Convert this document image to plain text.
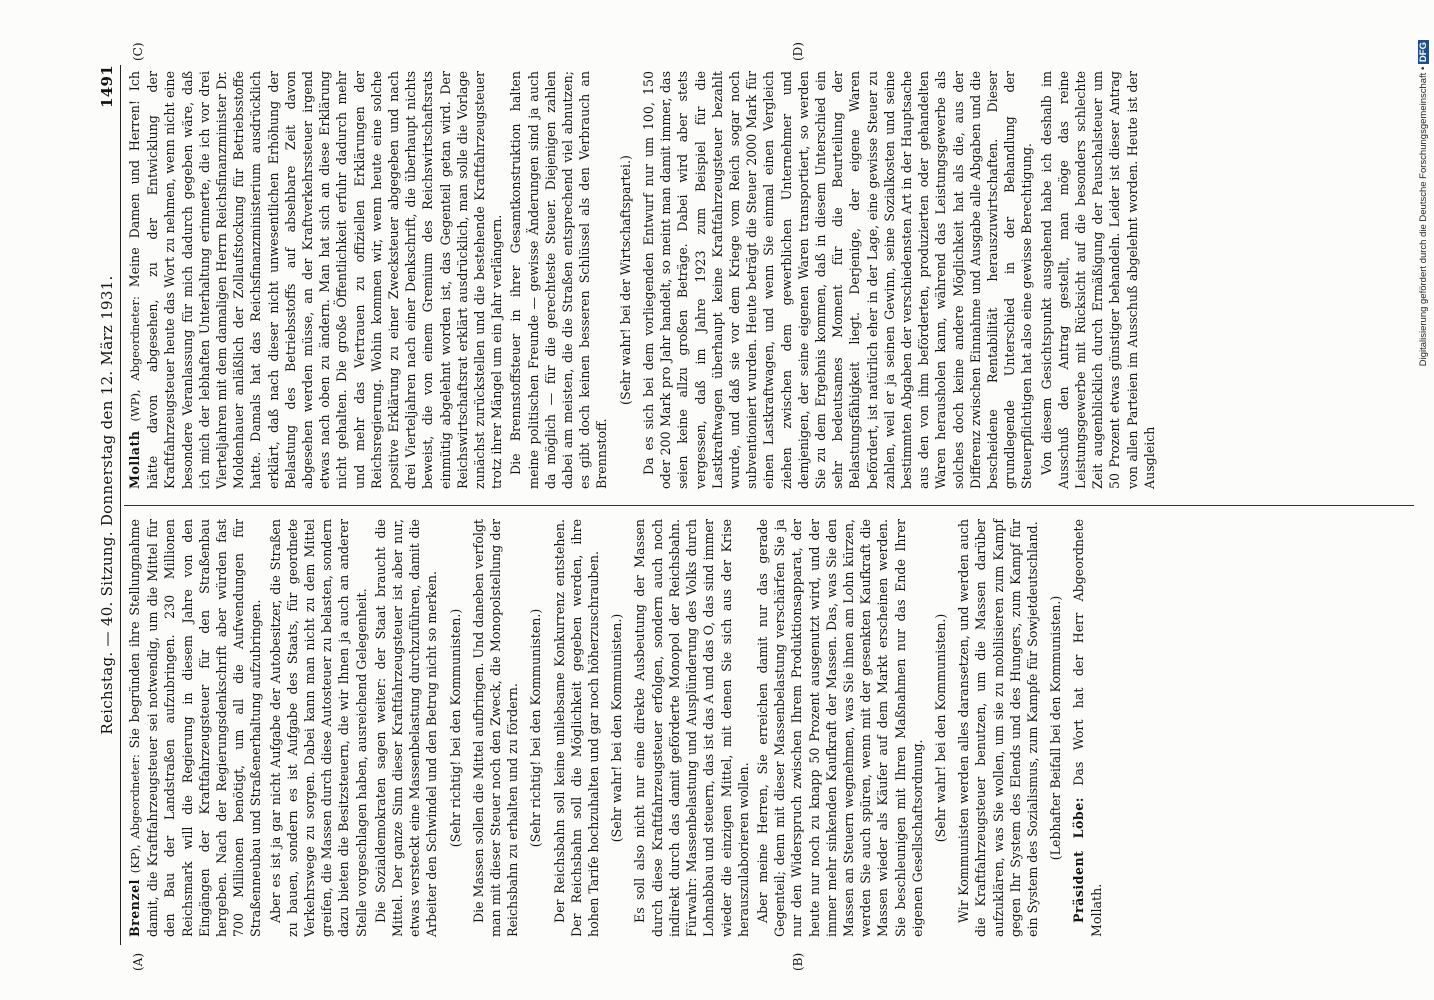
Reichstag. — 40. Sitzung. Donnerstag den 12. März 1931.
1491

Brenzel (KP), Abgeordneter: Sie begründen ihre Stellungnahme damit, die Kraftfahrzeugsteuer sei notwendig, um die Mittel für den Bau der Landstraßen aufzubringen. 230 Millionen Reichsmark will die Regierung in diesem Jahre von den Eingängen der Kraftfahrzeugsteuer für den Straßenbau hergeben. Nach der Regierungsdenkschrift aber würden fast 700 Millionen benötigt, um all die Aufwendungen für Straßenneubau und Straßenerhaltung aufzubringen. Aber es ist ja gar nicht Aufgabe der Autobesitzer, die Straßen zu bauen, sondern es ist Aufgabe des Staats, für geordnete Verkehrswege zu sorgen. Dabei kann man nicht zu dem Mittel greifen, die Massen durch diese Autosteuer zu belasten, sondern dazu bieten die Besitzsteuern, die wir Ihnen ja auch an anderer Stelle vorgeschlagen haben, ausreichend Gelegenheit. Die Sozialdemokraten sagen weiter: der Staat braucht die Mittel. Der ganze Sinn dieser Kraftfahrzeugsteuer ist aber nur, etwas versteckt eine Massenbelastung durchzuführen, damit die Arbeiter den Schwindel und den Betrug nicht so merken. (Sehr richtig! bei den Kommunisten.) Die Massen sollen die Mittel aufbringen. Und daneben verfolgt man mit dieser Steuer noch den Zweck, die Monopolstellung der Reichsbahn zu erhalten und zu fördern. (Sehr richtig! bei den Kommunisten.) Der Reichsbahn soll keine unliebsame Konkurrenz entstehen. Der Reichsbahn soll die Möglichkeit gegeben werden, ihre hohen Tarife hochzuhalten und gar noch höherzuschrauben. (Sehr wahr! bei den Kommunisten.) Es soll also nicht nur eine direkte Ausbeutung der Massen durch diese Kraftfahrzeugsteuer erfolgen, sondern auch noch indirekt durch das damit geförderte Monopol der Reichsbahn. Fürwahr: Massenbelastung und Ausplünderung des Volks durch Lohnabbau und steuern, das ist das A und das O, das sind immer wieder die einzigen Mittel, mit denen Sie sich aus der Krise herauszulaborieren wollen. Aber meine Herren, Sie erreichen damit nur das gerade Gegenteil; denn mit dieser Massenbelastung verschärfen Sie ja nur den Widerspruch zwischen Ihrem Produktionsapparat, der heute nur noch zu knapp 50 Prozent ausgenutzt wird, und der immer mehr sinkenden Kaufkraft der Massen. Das, was Sie den Massen an Steuern wegnehmen, was Sie ihnen am Lohn kürzen, werden Sie auch spüren, wenn mit der gesenkten Kaufkraft die Massen wieder als Käufer auf dem Markt erscheinen werden. Sie beschleunigen mit Ihren Maßnahmen nur das Ende Ihrer eigenen Gesellschaftsordnung. (Sehr wahr! bei den Kommunisten.) Wir Kommunisten werden alles daransetzen, und werden auch die Kraftfahrzeugsteuer benutzen, um die Massen darüber aufzuklären, was Sie wollen, um sie zu mobilisieren zum Kampf gegen Ihr System des Elends und des Hungers, zum Kampf für ein System des Sozialismus, zum Kampfe für Sowjetdeutschland. (Lebhafter Beifall bei den Kommunisten.) Präsident Löbe: Das Wort hat der Herr Abgeordnete Mollath.

Mollath (WP), Abgeordneter: Meine Damen und Herren! Ich hätte davon abgesehen, zu der Entwicklung der Kraftfahrzeugsteuer heute das Wort zu nehmen, wenn nicht eine besondere Veranlassung für mich dadurch gegeben wäre, daß ich mich der lebhaften Unterhaltung erinnerte, die ich vor drei Vierteljahren mit dem damaligen Herrn Reichsfinanzminister Dr. Moldenhauer anläßlich der Zollaufstockung für Betriebsstoffe hatte. Damals hat das Reichsfinanzministerium ausdrücklich erklärt, daß nach dieser nicht unwesentlichen Erhöhung der Belastung des Betriebsstoffs auf absehbare Zeit davon abgesehen werden müsse, an der Kraftverkehrssteuer irgend etwas nach oben zu ändern. Man hat sich an diese Erklärung nicht gehalten. Die große Öffentlichkeit erfuhr dadurch mehr und mehr das Vertrauen zu offiziellen Erklärungen der Reichsregierung. Wohin kommen wir, wenn heute eine solche positive Erklärung zu einer Zwecksteuer abgegeben und nach drei Vierteljahren nach einer Denkschrift, die überhaupt nichts beweist, die von einem Gremium des Reichswirtschaftsrats einmütig abgelehnt worden ist, das Gegenteil getan wird. Der Reichswirtschaftsrat erklärt ausdrücklich, man solle die Vorlage zunächst zurückstellen und die bestehende Kraftfahrzeugsteuer trotz ihrer Mängel um ein Jahr verlängern. Die Brennstoffsteuer in ihrer Gesamtkonstruktion halten meine politischen Freunde — gewisse Änderungen sind ja auch da möglich — für die gerechteste Steuer. Diejenigen zahlen dabei am meisten, die die Straßen entsprechend viel abnutzen; es gibt doch keinen besseren Schlüssel als den Verbrauch an Brennstoff.

(Sehr wahr! bei der Wirtschaftspartei.) Da es sich bei dem vorliegenden Entwurf nur um 100, 150 oder 200 Mark pro Jahr handelt, so meint man damit immer, das seien keine allzu großen Beträge. Dabei wird aber stets vergessen, daß im Jahre 1923 zum Beispiel für die Lastkraftwagen überhaupt keine Kraftfahrzeugsteuer bezahlt wurde, und daß sie vor dem Kriege vom Reich sogar noch subventioniert wurden. Heute beträgt die Steuer 2000 Mark für einen Lastkraftwagen, und wenn Sie einmal einen Vergleich ziehen zwischen dem gewerblichen Unternehmer und demjenigen, der seine eigenen Waren transportiert, so werden Sie zu dem Ergebnis kommen, daß in diesem Unterschied ein sehr bedeutsames Moment für die Beurteilung der Belastungsfähigkeit liegt. Derjenige, der eigene Waren befördert, ist natürlich eher in der Lage, eine gewisse Steuer zu zahlen, weil er ja seinen Gewinn, seine Sozialkosten und seine bestimmten Abgaben der verschiedensten Art in der Hauptsache aus den von ihm beförderten, produzierten oder gehandelten Waren herausholen kann, während das Leistungsgewerbe als solches doch keine andere Möglichkeit hat als die, aus der Differenz zwischen Einnahme und Ausgabe alle Abgaben und die bescheidene Rentabilität herauszuwirtschaften. Dieser grundlegende Unterschied in der Behandlung der Steuerpflichtigen hat also eine gewisse Berechtigung. Von diesem Gesichtspunkt ausgehend habe ich deshalb im Ausschuß den Antrag gestellt, man möge das reine Leistungsgewerbe mit Rücksicht auf die besonders schlechte Zeit augenblicklich durch Ermäßigung der Pauschalsteuer um 50 Prozent etwas günstiger behandeln. Leider ist dieser Antrag von allen Parteien im Ausschuß abgelehnt worden. Heute ist der Ausgleich

(A)	(B)
(C)	(D)
Digitalisierung gefördert durch die Deutsche Forschungsgemeinschaft • DFG
